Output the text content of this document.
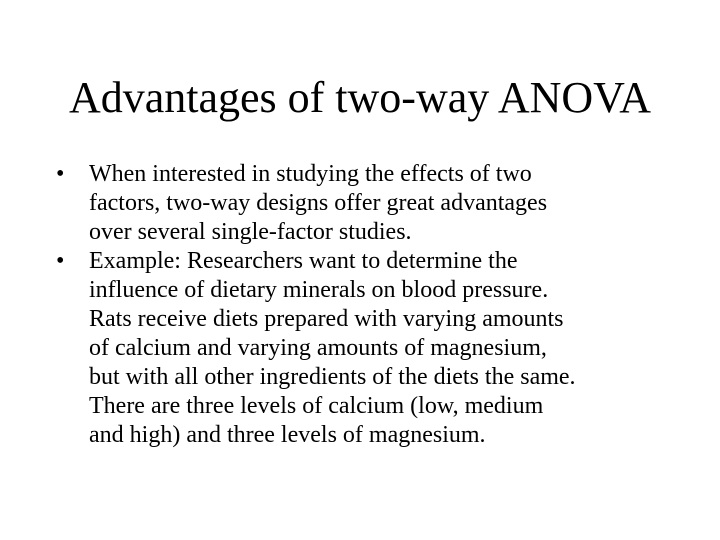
Advantages of two-way ANOVA
• When interested in studying the effects of two
factors, two-way designs offer great advantages
over several single-factor studies.
• Example: Researchers want to determine the
influence of dietary minerals on blood pressure.
Rats receive diets prepared with varying amounts
of calcium and varying amounts of magnesium,
but with all other ingredients of the diets the same.
There are three levels of calcium (low, medium
and high) and three levels of magnesium.
